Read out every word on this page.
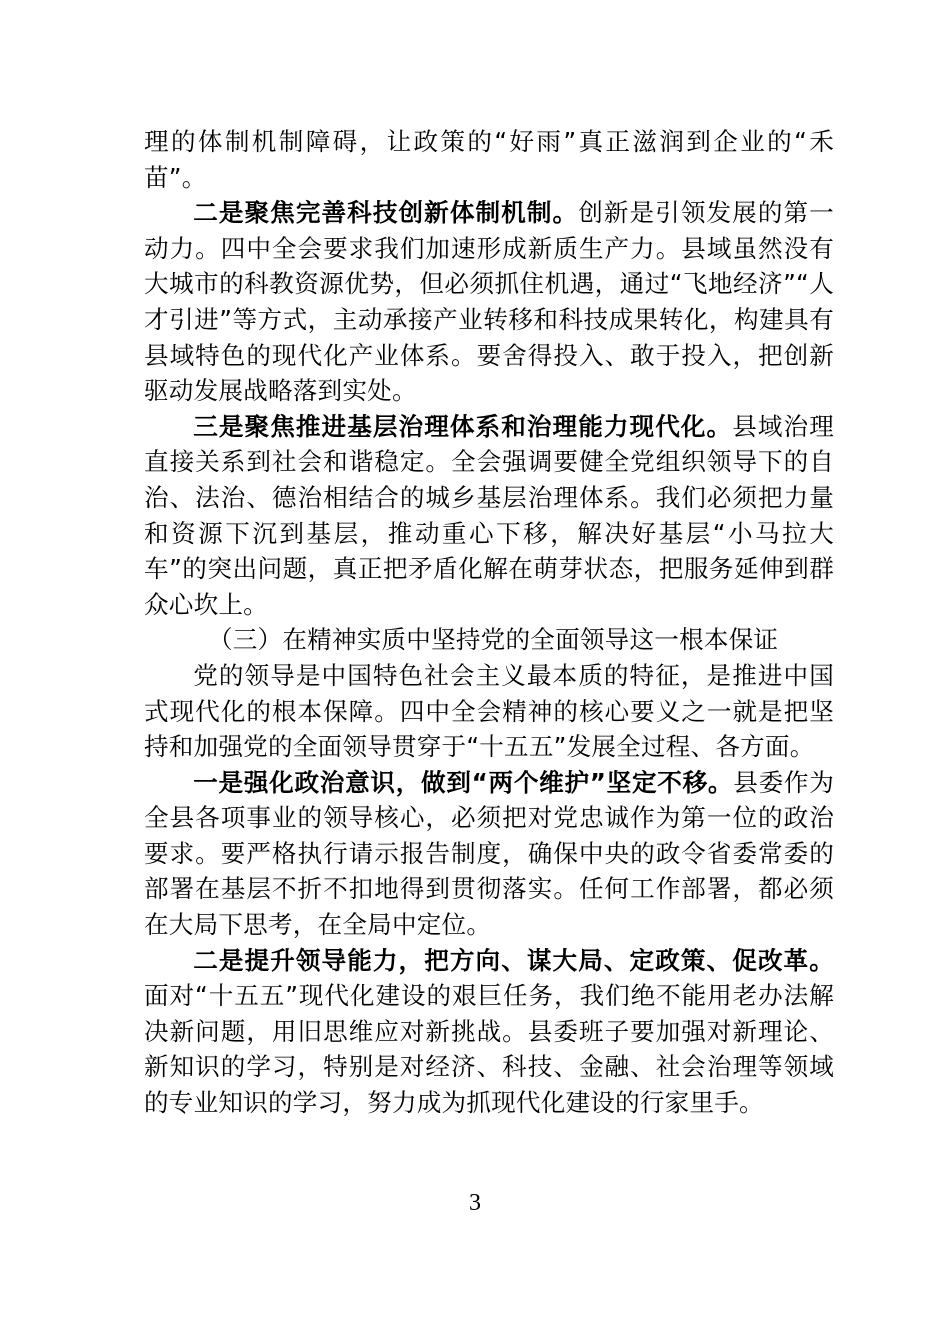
理的体制机制障碍，让政策的“好雨”真正滋润到企业的“禾苗”。

二是聚焦完善科技创新体制机制。创新是引领发展的第一动力。四中全会要求我们加速形成新质生产力。县域虽然没有大城市的科教资源优势，但必须抓住机遇，通过“飞地经济”“人才引进”等方式，主动承接产业转移和科技成果转化，构建具有县域特色的现代化产业体系。要舍得投入、敢于投入，把创新驱动发展战略落到实处。

三是聚焦推进基层治理体系和治理能力现代化。县域治理直接关系到社会和谐稳定。全会强调要健全党组织领导下的自治、法治、德治相结合的城乡基层治理体系。我们必须把力量和资源下沉到基层，推动重心下移，解决好基层“小马拉大车”的突出问题，真正把矛盾化解在萌芽状态，把服务延伸到群众心坎上。

（三）在精神实质中坚持党的全面领导这一根本保证

党的领导是中国特色社会主义最本质的特征，是推进中国式现代化的根本保障。四中全会精神的核心要义之一就是把坚持和加强党的全面领导贯穿于“十五五”发展全过程、各方面。

一是强化政治意识，做到“两个维护”坚定不移。县委作为全县各项事业的领导核心，必须把对党忠诚作为第一位的政治要求。要严格执行请示报告制度，确保中央的政令省委常委的部署在基层不折不扣地得到贯彻落实。任何工作部署，都必须在大局下思考，在全局中定位。

二是提升领导能力，把方向、谋大局、定政策、促改革。面对“十五五”现代化建设的艰巨任务，我们绝不能用老办法解决新问题，用旧思维应对新挑战。县委班子要加强对新理论、新知识的学习，特别是对经济、科技、金融、社会治理等领域的专业知识的学习，努力成为抓现代化建设的行家里手。

3
